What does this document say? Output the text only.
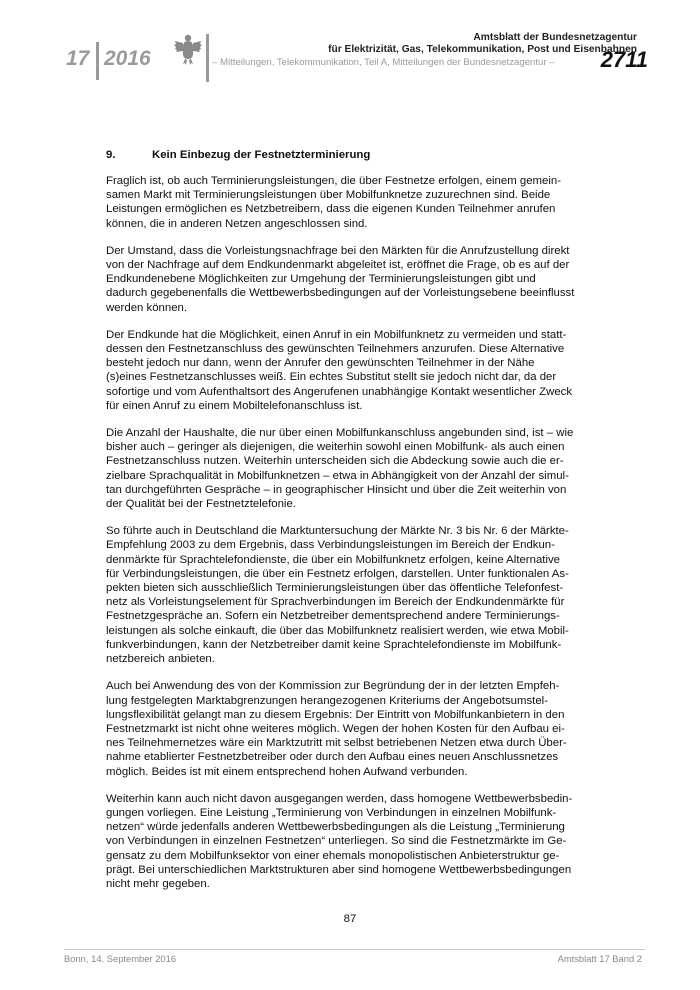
17 2016
Amtsblatt der Bundesnetzagentur
für Elektrizität, Gas, Telekommunikation, Post und Eisenbahnen
– Mitteilungen, Telekommunikation, Teil A, Mitteilungen der Bundesnetzagentur – 2711
9.	Kein Einbezug der Festnetzterminierung

Fraglich ist, ob auch Terminierungsleistungen, die über Festnetze erfolgen, einem gemein-
samen Markt mit Terminierungsleistungen über Mobilfunknetze zuzurechnen sind. Beide
Leistungen ermöglichen es Netzbetreibern, dass die eigenen Kunden Teilnehmer anrufen
können, die in anderen Netzen angeschlossen sind.

Der Umstand, dass die Vorleistungsnachfrage bei den Märkten für die Anrufzustellung direkt
von der Nachfrage auf dem Endkundenmarkt abgeleitet ist, eröffnet die Frage, ob es auf der
Endkundenebene Möglichkeiten zur Umgehung der Terminierungsleistungen gibt und
dadurch gegebenenfalls die Wettbewerbsbedingungen auf der Vorleistungsebene beeinflusst
werden können.

Der Endkunde hat die Möglichkeit, einen Anruf in ein Mobilfunknetz zu vermeiden und statt-
dessen den Festnetzanschluss des gewünschten Teilnehmers anzurufen. Diese Alternative
besteht jedoch nur dann, wenn der Anrufer den gewünschten Teilnehmer in der Nähe
(s)eines Festnetzanschlusses weiß. Ein echtes Substitut stellt sie jedoch nicht dar, da der
sofortige und vom Aufenthaltsort des Angerufenen unabhängige Kontakt wesentlicher Zweck
für einen Anruf zu einem Mobiltelefonanschluss ist.

Die Anzahl der Haushalte, die nur über einen Mobilfunkanschluss angebunden sind, ist – wie
bisher auch – geringer als diejenigen, die weiterhin sowohl einen Mobilfunk- als auch einen
Festnetzanschluss nutzen. Weiterhin unterscheiden sich die Abdeckung sowie auch die er-
zielbare Sprachqualität in Mobilfunknetzen – etwa in Abhängigkeit von der Anzahl der simul-
tan durchgeführten Gespräche – in geographischer Hinsicht und über die Zeit weiterhin von
der Qualität bei der Festnetztelefonie.

So führte auch in Deutschland die Marktuntersuchung der Märkte Nr. 3 bis Nr. 6 der Märkte-
Empfehlung 2003 zu dem Ergebnis, dass Verbindungsleistungen im Bereich der Endkun-
denmärkte für Sprachtelefondienste, die über ein Mobilfunknetz erfolgen, keine Alternative
für Verbindungsleistungen, die über ein Festnetz erfolgen, darstellen. Unter funktionalen As-
pekten bieten sich ausschließlich Terminierungsleistungen über das öffentliche Telefonfest-
netz als Vorleistungselement für Sprachverbindungen im Bereich der Endkundenmärkte für
Festnetzgespräche an. Sofern ein Netzbetreiber dementsprechend andere Terminierungs-
leistungen als solche einkauft, die über das Mobilfunknetz realisiert werden, wie etwa Mobil-
funkverbindungen, kann der Netzbetreiber damit keine Sprachtelefondienste im Mobilfunk-
netzbereich anbieten.

Auch bei Anwendung des von der Kommission zur Begründung der in der letzten Empfeh-
lung festgelegten Marktabgrenzungen herangezogenen Kriteriums der Angebotsumstel-
lungsflexibilität gelangt man zu diesem Ergebnis: Der Eintritt von Mobilfunkanbietern in den
Festnetzmarkt ist nicht ohne weiteres möglich. Wegen der hohen Kosten für den Aufbau ei-
nes Teilnehmernetzes wäre ein Marktzutritt mit selbst betriebenen Netzen etwa durch Über-
nahme etablierter Festnetzbetreiber oder durch den Aufbau eines neuen Anschlussnetzes
möglich. Beides ist mit einem entsprechend hohen Aufwand verbunden.

Weiterhin kann auch nicht davon ausgegangen werden, dass homogene Wettbewerbsbedin-
gungen vorliegen. Eine Leistung „Terminierung von Verbindungen in einzelnen Mobilfunk-
netzen“ würde jedenfalls anderen Wettbewerbsbedingungen als die Leistung „Terminierung
von Verbindungen in einzelnen Festnetzen“ unterliegen. So sind die Festnetzmärkte im Ge-
gensatz zu dem Mobilfunksektor von einer ehemals monopolistischen Anbieterstruktur ge-
prägt. Bei unterschiedlichen Marktstrukturen aber sind homogene Wettbewerbsbedingungen
nicht mehr gegeben.

87
Bonn, 14. September 2016	Amtsblatt 17 Band 2
